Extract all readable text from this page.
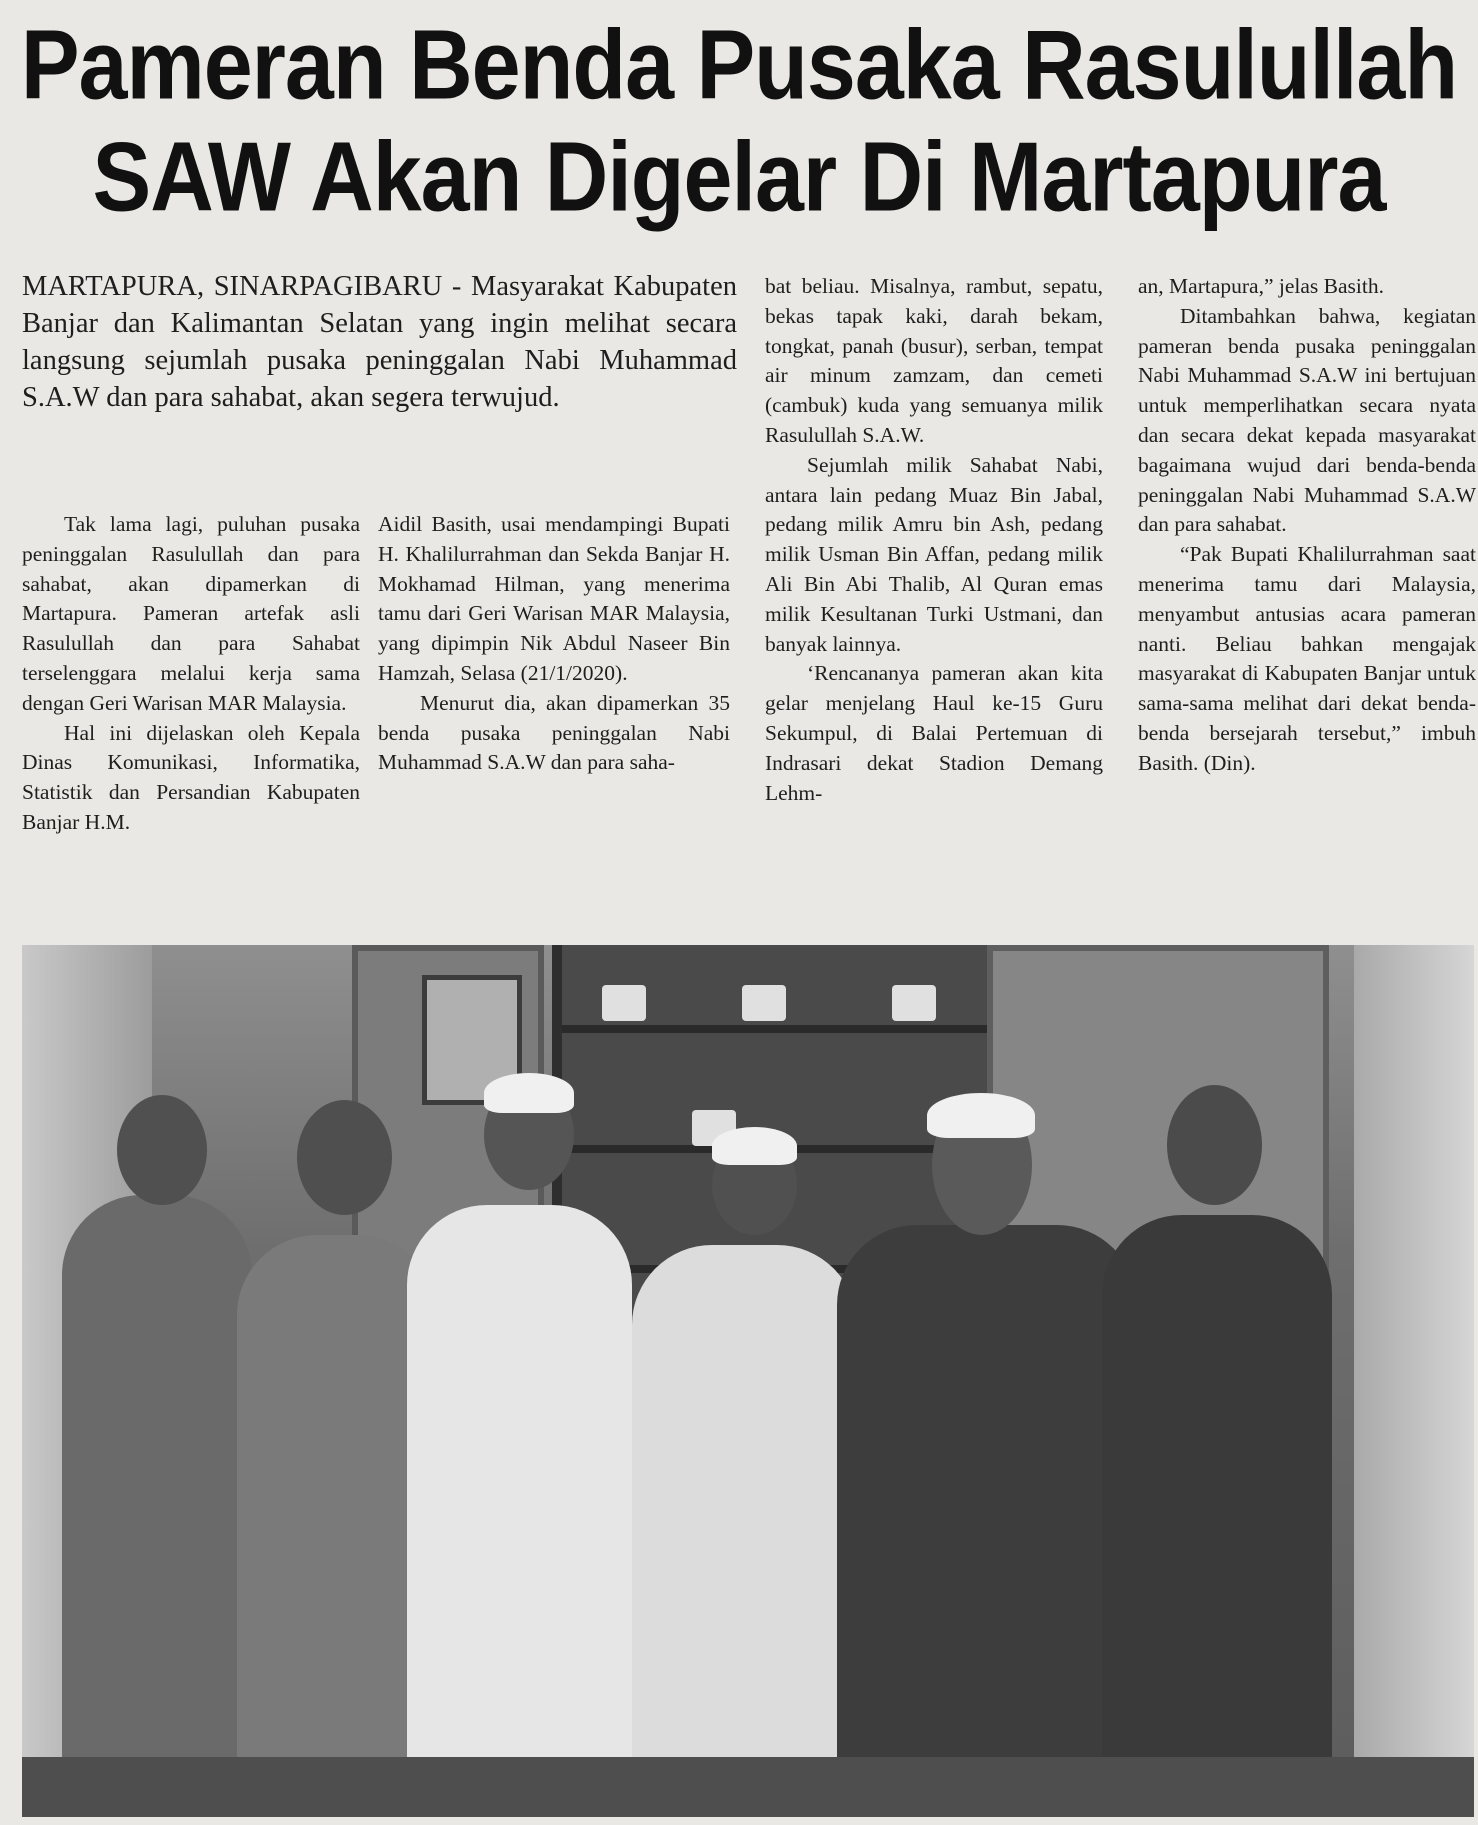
Pameran Benda Pusaka Rasulullah
SAW Akan Digelar Di Martapura

MARTAPURA, SINARPAGIBARU - Masyarakat Kabupaten Banjar dan Kalimantan Selatan yang ingin melihat secara langsung sejumlah pusaka peninggalan Nabi Muhammad S.A.W dan para sahabat, akan segera terwujud.

Tak lama lagi, puluhan pusaka peninggalan Rasulullah dan para sahabat, akan dipamerkan di Martapura. Pameran artefak asli Rasulullah dan para Sahabat terselenggara melalui kerja sama dengan Geri Warisan MAR Malaysia.

Hal ini dijelaskan oleh Kepala Dinas Komunikasi, Informatika, Statistik dan Persandian Kabupaten Banjar H.M.

Aidil Basith, usai mendampingi Bupati H. Khalilurrahman dan Sekda Banjar H. Mokhamad Hilman, yang menerima tamu dari Geri Warisan MAR Malaysia, yang dipimpin Nik Abdul Naseer Bin Hamzah, Selasa (21/1/2020).

Menurut dia, akan dipamerkan 35 benda pusaka peninggalan Nabi Muhammad S.A.W dan para saha-

bat beliau. Misalnya, rambut, sepatu, bekas tapak kaki, darah bekam, tongkat, panah (busur), serban, tempat air minum zamzam, dan cemeti (cambuk) kuda yang semuanya milik Rasulullah S.A.W.

Sejumlah milik Sahabat Nabi, antara lain pedang Muaz Bin Jabal, pedang milik Amru bin Ash, pedang milik Usman Bin Affan, pedang milik Ali Bin Abi Thalib, Al Quran emas milik Kesultanan Turki Ustmani, dan banyak lainnya.

‘Rencananya pameran akan kita gelar menjelang Haul ke-15 Guru Sekumpul, di Balai Pertemuan di Indrasari dekat Stadion Demang Lehm-

an, Martapura,” jelas Basith.

Ditambahkan bahwa, kegiatan pameran benda pusaka peninggalan Nabi Muhammad S.A.W ini bertujuan untuk memperlihatkan secara nyata dan secara dekat kepada masyarakat bagaimana wujud dari benda-benda peninggalan Nabi Muhammad S.A.W dan para sahabat.

“Pak Bupati Khalilurrahman saat menerima tamu dari Malaysia, menyambut antusias acara pameran nanti. Beliau bahkan mengajak masyarakat di Kabupaten Banjar untuk sama-sama melihat dari dekat benda-benda bersejarah tersebut,” imbuh Basith. (Din).
